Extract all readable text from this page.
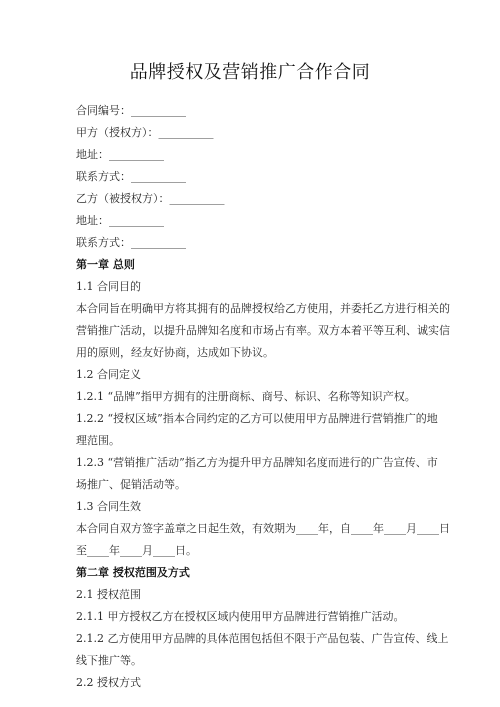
品牌授权及营销推广合作合同
合同编号：__________
甲方（授权方）：__________
地址：__________
联系方式：__________
乙方（被授权方）：__________
地址：__________
联系方式：__________
第一章 总则
1.1 合同目的
本合同旨在明确甲方将其拥有的品牌授权给乙方使用，并委托乙方进行相关的
营销推广活动，以提升品牌知名度和市场占有率。双方本着平等互利、诚实信
用的原则，经友好协商，达成如下协议。
1.2 合同定义
1.2.1 “品牌”指甲方拥有的注册商标、商号、标识、名称等知识产权。
1.2.2 “授权区域”指本合同约定的乙方可以使用甲方品牌进行营销推广的地
理范围。
1.2.3 “营销推广活动”指乙方为提升甲方品牌知名度而进行的广告宣传、市
场推广、促销活动等。
1.3 合同生效
本合同自双方签字盖章之日起生效，有效期为____年，自____年____月____日
至____年____月____日。
第二章 授权范围及方式
2.1 授权范围
2.1.1 甲方授权乙方在授权区域内使用甲方品牌进行营销推广活动。
2.1.2 乙方使用甲方品牌的具体范围包括但不限于产品包装、广告宣传、线上
线下推广等。
2.2 授权方式
